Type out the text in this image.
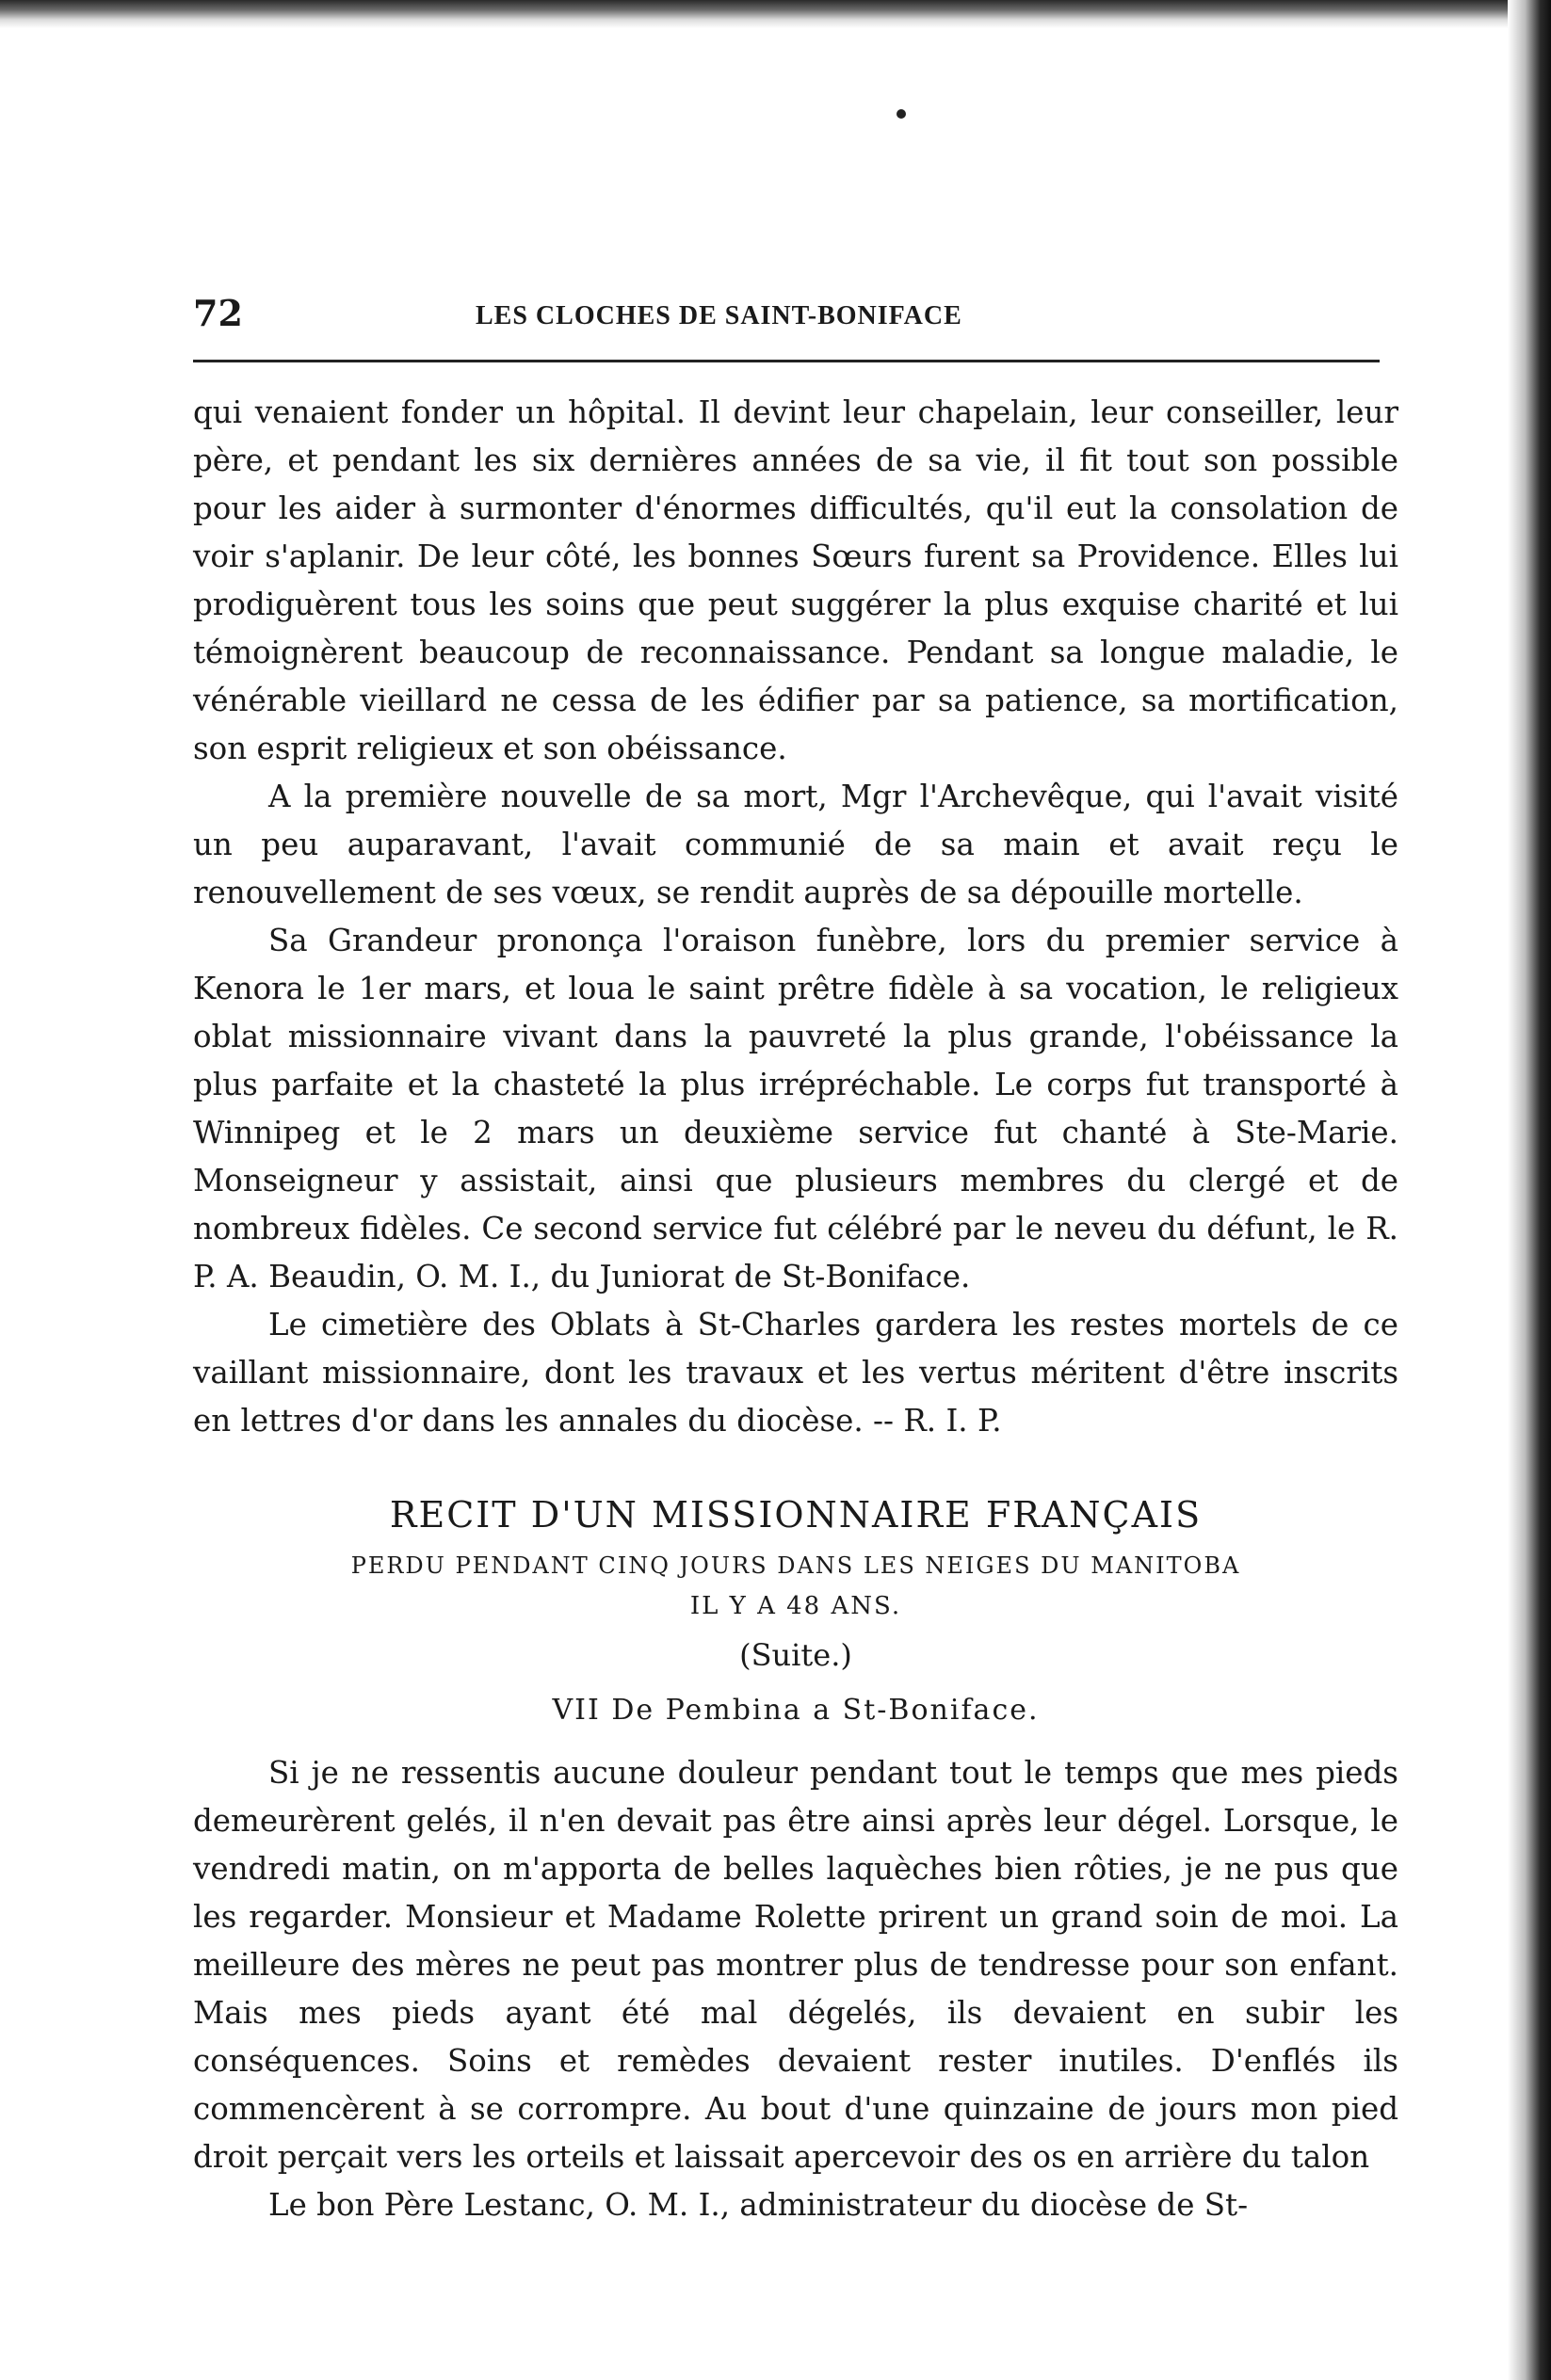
72	LES CLOCHES DE SAINT-BONIFACE

qui venaient fonder un hôpital. Il devint leur chapelain, leur conseiller, leur père, et pendant les six dernières années de sa vie, il fit tout son possible pour les aider à surmonter d'énormes difficultés, qu'il eut la consolation de voir s'aplanir. De leur côté, les bonnes Sœurs furent sa Providence. Elles lui prodiguèrent tous les soins que peut suggérer la plus exquise charité et lui témoignèrent beaucoup de reconnaissance. Pendant sa longue maladie, le vénérable vieillard ne cessa de les édifier par sa patience, sa mortification, son esprit religieux et son obéissance.

A la première nouvelle de sa mort, Mgr l'Archevêque, qui l'avait visité un peu auparavant, l'avait communié de sa main et avait reçu le renouvellement de ses vœux, se rendit auprès de sa dépouille mortelle.

Sa Grandeur prononça l'oraison funèbre, lors du premier service à Kenora le 1er mars, et loua le saint prêtre fidèle à sa vocation, le religieux oblat missionnaire vivant dans la pauvreté la plus grande, l'obéissance la plus parfaite et la chasteté la plus irrépréchable. Le corps fut transporté à Winnipeg et le 2 mars un deuxième service fut chanté à Ste-Marie. Monseigneur y assistait, ainsi que plusieurs membres du clergé et de nombreux fidèles. Ce second service fut célébré par le neveu du défunt, le R. P. A. Beaudin, O. M. I., du Juniorat de St-Boniface.

Le cimetière des Oblats à St-Charles gardera les restes mortels de ce vaillant missionnaire, dont les travaux et les vertus méritent d'être inscrits en lettres d'or dans les annales du diocèse. -- R. I. P.

RECIT D'UN MISSIONNAIRE FRANÇAIS
PERDU PENDANT CINQ JOURS DANS LES NEIGES DU MANITOBA
IL Y A 48 ANS.
(Suite.)
VII De Pembina a St-Boniface.

Si je ne ressentis aucune douleur pendant tout le temps que mes pieds demeurèrent gelés, il n'en devait pas être ainsi après leur dégel. Lorsque, le vendredi matin, on m'apporta de belles laquèches bien rôties, je ne pus que les regarder. Monsieur et Madame Rolette prirent un grand soin de moi. La meilleure des mères ne peut pas montrer plus de tendresse pour son enfant. Mais mes pieds ayant été mal dégelés, ils devaient en subir les conséquences. Soins et remèdes devaient rester inutiles. D'enflés ils commencèrent à se corrompre. Au bout d'une quinzaine de jours mon pied droit perçait vers les orteils et laissait apercevoir des os en arrière du talon

Le bon Père Lestanc, O. M. I., administrateur du diocèse de St-
